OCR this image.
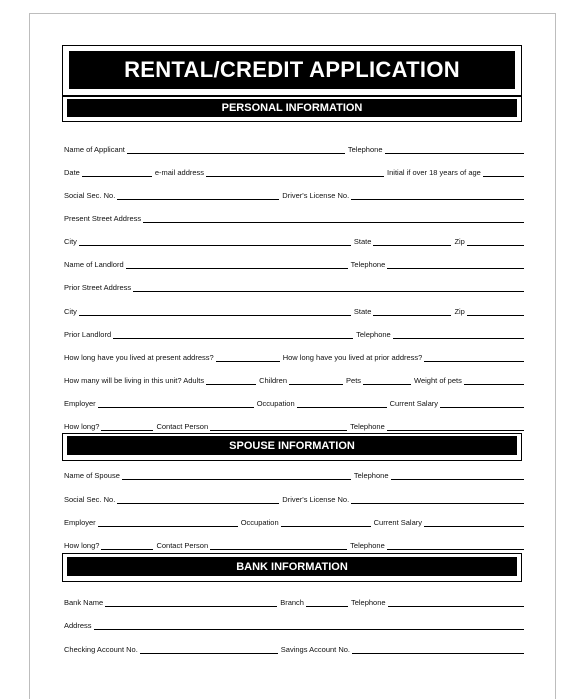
RENTAL/CREDIT APPLICATION
PERSONAL INFORMATION
Name of Applicant	Telephone
Date	e-mail address	Initial if over 18 years of age
Social Sec. No.	Driver's License No.
Present Street Address
City	State	Zip
Name of Landlord	Telephone
Prior Street Address
City	State	Zip
Prior Landlord	Telephone
How long have you lived at present address?	How long have you lived at prior address?
How many will be living in this unit? Adults	Children	Pets	Weight of pets
Employer	Occupation	Current Salary
How long?	Contact Person	Telephone
SPOUSE INFORMATION
Name of Spouse	Telephone
Social Sec. No.	Driver's License No.
Employer	Occupation	Current Salary
How long?	Contact Person	Telephone
BANK INFORMATION
Bank Name	Branch	Telephone
Address
Checking Account No.	Savings Account No.
